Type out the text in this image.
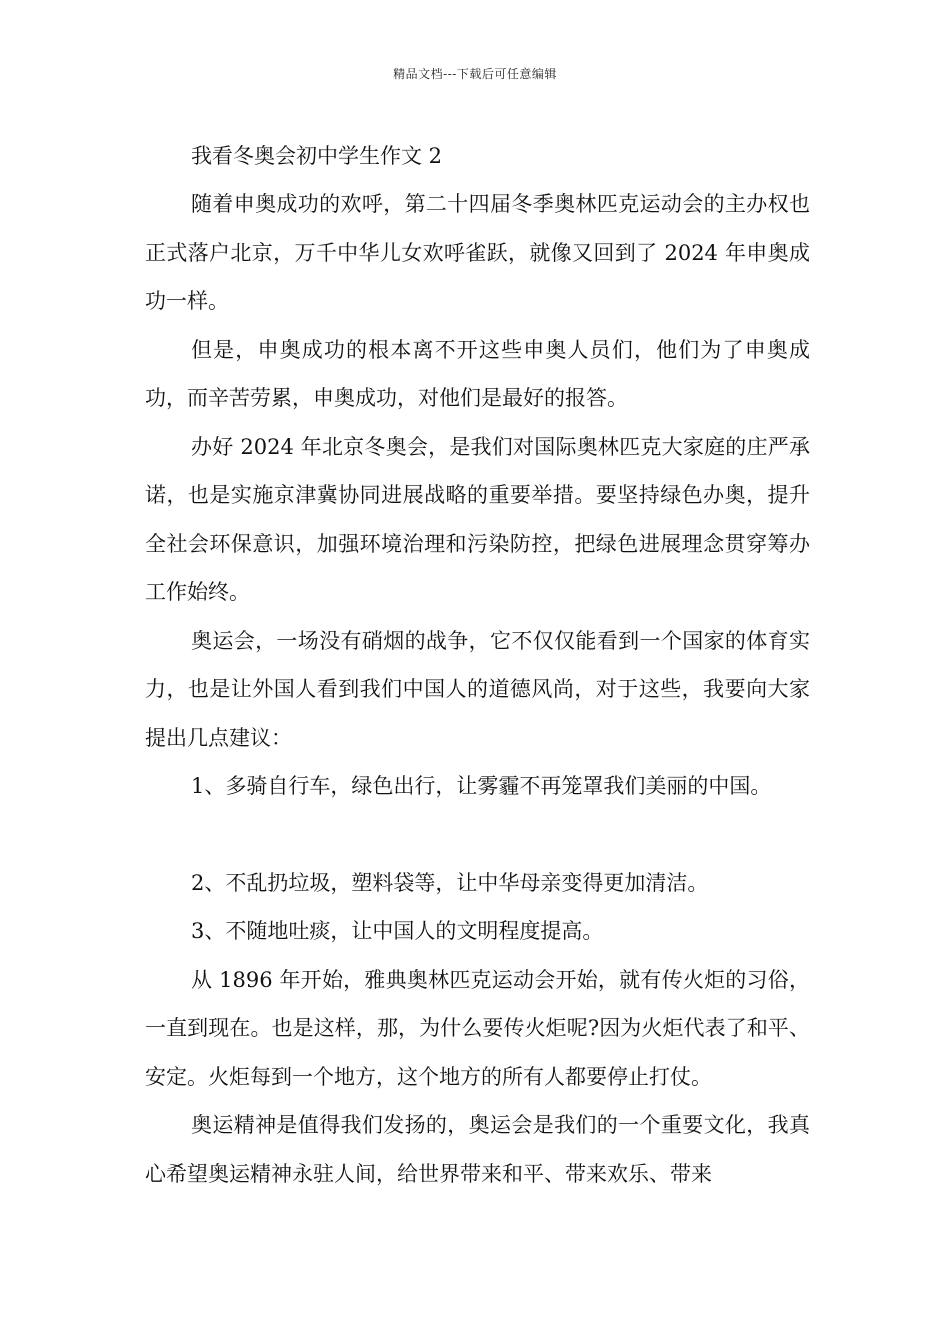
精品文档---下载后可任意编辑
我看冬奥会初中学生作文 2

随着申奥成功的欢呼，第二十四届冬季奥林匹克运动会的主办权也正式落户北京，万千中华儿女欢呼雀跃，就像又回到了 2024 年申奥成功一样。

但是，申奥成功的根本离不开这些申奥人员们，他们为了申奥成功，而辛苦劳累，申奥成功，对他们是最好的报答。

办好 2024 年北京冬奥会，是我们对国际奥林匹克大家庭的庄严承诺，也是实施京津冀协同进展战略的重要举措。要坚持绿色办奥，提升全社会环保意识，加强环境治理和污染防控，把绿色进展理念贯穿筹办工作始终。

奥运会，一场没有硝烟的战争，它不仅仅能看到一个国家的体育实力，也是让外国人看到我们中国人的道德风尚，对于这些，我要向大家提出几点建议：

1、多骑自行车，绿色出行，让雾霾不再笼罩我们美丽的中国。

2、不乱扔垃圾，塑料袋等，让中华母亲变得更加清洁。

3、不随地吐痰，让中国人的文明程度提高。

从 1896 年开始，雅典奥林匹克运动会开始，就有传火炬的习俗，一直到现在。也是这样，那，为什么要传火炬呢?因为火炬代表了和平、安定。火炬每到一个地方，这个地方的所有人都要停止打仗。

奥运精神是值得我们发扬的，奥运会是我们的一个重要文化，我真心希望奥运精神永驻人间，给世界带来和平、带来欢乐、带来
